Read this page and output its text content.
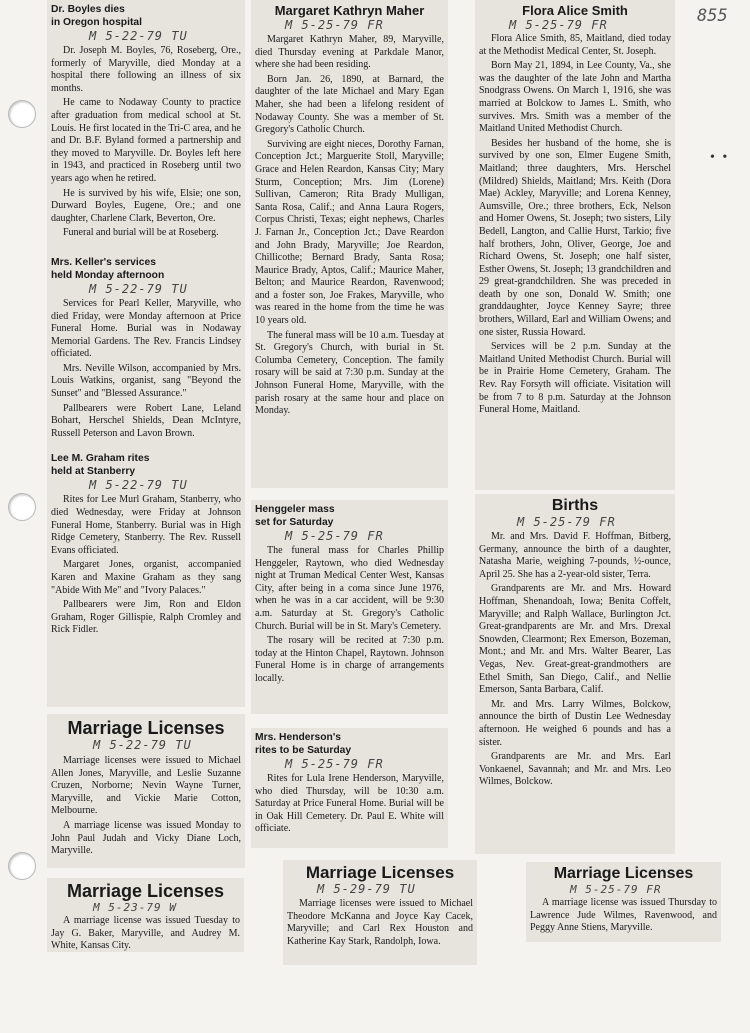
855
• •
Dr. Boyles dies
in Oregon hospital
M 5-22-79 TU

Dr. Joseph M. Boyles, 76, Roseberg, Ore., formerly of Maryville, died Monday at a hospital there following an illness of six months.

He came to Nodaway County to practice after graduation from medical school at St. Louis. He first located in the Tri-C area, and he and Dr. B.F. Byland formed a partnership and they moved to Maryville. Dr. Boyles left here in 1943, and practiced in Roseberg until two years ago when he retired.

He is survived by his wife, Elsie; one son, Durward Boyles, Eugene, Ore.; and one daughter, Charlene Clark, Beverton, Ore.

Funeral and burial will be at Roseberg.

Mrs. Keller's services
held Monday afternoon
M 5-22-79 TU

Services for Pearl Keller, Maryville, who died Friday, were Monday afternoon at Price Funeral Home. Burial was in Nodaway Memorial Gardens. The Rev. Francis Lindsey officiated.

Mrs. Neville Wilson, accompanied by Mrs. Louis Watkins, organist, sang "Beyond the Sunset" and "Blessed Assurance."

Pallbearers were Robert Lane, Leland Bohart, Herschel Shields, Dean McIntyre, Russell Peterson and Lavon Brown.

Lee M. Graham rites
held at Stanberry
M 5-22-79 TU

Rites for Lee Murl Graham, Stanberry, who died Wednesday, were Friday at Johnson Funeral Home, Stanberry. Burial was in High Ridge Cemetery, Stanberry. The Rev. Russell Evans officiated.

Margaret Jones, organist, accompanied Karen and Maxine Graham as they sang "Abide With Me" and "Ivory Palaces."

Pallbearers were Jim, Ron and Eldon Graham, Roger Gillispie, Ralph Cromley and Rick Fidler.

Marriage Licenses
M 5-22-79 TU

Marriage licenses were issued to Michael Allen Jones, Maryville, and Leslie Suzanne Cruzen, Norborne; Nevin Wayne Turner, Maryville, and Vickie Marie Cotton, Melbourne.

A marriage license was issued Monday to John Paul Judah and Vicky Diane Loch, Maryville.

Marriage Licenses
M 5-23-79 W

A marriage license was issued Tuesday to Jay G. Baker, Maryville, and Audrey M. White, Kansas City.

Margaret Kathryn Maher
M 5-25-79 FR

Margaret Kathryn Maher, 89, Maryville, died Thursday evening at Parkdale Manor, where she had been residing.

Born Jan. 26, 1890, at Barnard, the daughter of the late Michael and Mary Egan Maher, she had been a lifelong resident of Nodaway County. She was a member of St. Gregory's Catholic Church.

Surviving are eight nieces, Dorothy Farnan, Conception Jct.; Marguerite Stoll, Maryville; Grace and Helen Reardon, Kansas City; Mary Sturm, Conception; Mrs. Jim (Lorene) Sullivan, Cameron; Rita Brady Mulligan, Santa Rosa, Calif.; and Anna Laura Rogers, Corpus Christi, Texas; eight nephews, Charles J. Farnan Jr., Conception Jct.; Dave Reardon and John Brady, Maryville; Joe Reardon, Chillicothe; Bernard Brady, Santa Rosa; Maurice Brady, Aptos, Calif.; Maurice Maher, Belton; and Maurice Reardon, Ravenwood; and a foster son, Joe Frakes, Maryville, who was reared in the home from the time he was 10 years old.

The funeral mass will be 10 a.m. Tuesday at St. Gregory's Church, with burial in St. Columba Cemetery, Conception. The family rosary will be said at 7:30 p.m. Sunday at the Johnson Funeral Home, Maryville, with the parish rosary at the same hour and place on Monday.

Henggeler mass
set for Saturday
M 5-25-79 FR

The funeral mass for Charles Phillip Henggeler, Raytown, who died Wednesday night at Truman Medical Center West, Kansas City, after being in a coma since June 1976, when he was in a car accident, will be 9:30 a.m. Saturday at St. Gregory's Catholic Church. Burial will be in St. Mary's Cemetery.

The rosary will be recited at 7:30 p.m. today at the Hinton Chapel, Raytown. Johnson Funeral Home is in charge of arrangements locally.

Mrs. Henderson's
rites to be Saturday
M 5-25-79 FR

Rites for Lula Irene Henderson, Maryville, who died Thursday, will be 10:30 a.m. Saturday at Price Funeral Home. Burial will be in Oak Hill Cemetery. Dr. Paul E. White will officiate.

Marriage Licenses
M 5-29-79 TU

Marriage licenses were issued to Michael Theodore McKanna and Joyce Kay Cacek, Maryville; and Carl Rex Houston and Katherine Kay Stark, Randolph, Iowa.

Flora Alice Smith
M 5-25-79 FR

Flora Alice Smith, 85, Maitland, died today at the Methodist Medical Center, St. Joseph.

Born May 21, 1894, in Lee County, Va., she was the daughter of the late John and Martha Snodgrass Owens. On March 1, 1916, she was married at Bolckow to James L. Smith, who survives. Mrs. Smith was a member of the Maitland United Methodist Church.

Besides her husband of the home, she is survived by one son, Elmer Eugene Smith, Maitland; three daughters, Mrs. Herschel (Mildred) Shields, Maitland; Mrs. Keith (Dora Mae) Ackley, Maryville; and Lorena Kenney, Aumsville, Ore.; three brothers, Eck, Nelson and Homer Owens, St. Joseph; two sisters, Lily Bedell, Langton, and Callie Hurst, Tarkio; five half brothers, John, Oliver, George, Joe and Richard Owens, St. Joseph; one half sister, Esther Owens, St. Joseph; 13 grandchildren and 29 great-grandchildren. She was preceded in death by one son, Donald W. Smith; one granddaughter, Joyce Kenney Sayre; three brothers, Willard, Earl and William Owens; and one sister, Russia Howard.

Services will be 2 p.m. Sunday at the Maitland United Methodist Church. Burial will be in Prairie Home Cemetery, Graham. The Rev. Ray Forsyth will officiate. Visitation will be from 7 to 8 p.m. Saturday at the Johnson Funeral Home, Maitland.

Births
M 5-25-79 FR

Mr. and Mrs. David F. Hoffman, Bitberg, Germany, announce the birth of a daughter, Natasha Marie, weighing 7-pounds, ½-ounce, April 25. She has a 2-year-old sister, Terra.

Grandparents are Mr. and Mrs. Howard Hoffman, Shenandoah, Iowa; Benita Coffelt, Maryville; and Ralph Wallace, Burlington Jct. Great-grandparents are Mr. and Mrs. Drexal Snowden, Clearmont; Rex Emerson, Bozeman, Mont.; and Mr. and Mrs. Walter Bearer, Las Vegas, Nev. Great-great-grandmothers are Ethel Smith, San Diego, Calif., and Nellie Emerson, Santa Barbara, Calif.

Mr. and Mrs. Larry Wilmes, Bolckow, announce the birth of Dustin Lee Wednesday afternoon. He weighed 6 pounds and has a sister.

Grandparents are Mr. and Mrs. Earl Vonkaenel, Savannah; and Mr. and Mrs. Leo Wilmes, Bolckow.

Marriage Licenses
M 5-25-79 FR

A marriage license was issued Thursday to Lawrence Jude Wilmes, Ravenwood, and Peggy Anne Stiens, Maryville.
